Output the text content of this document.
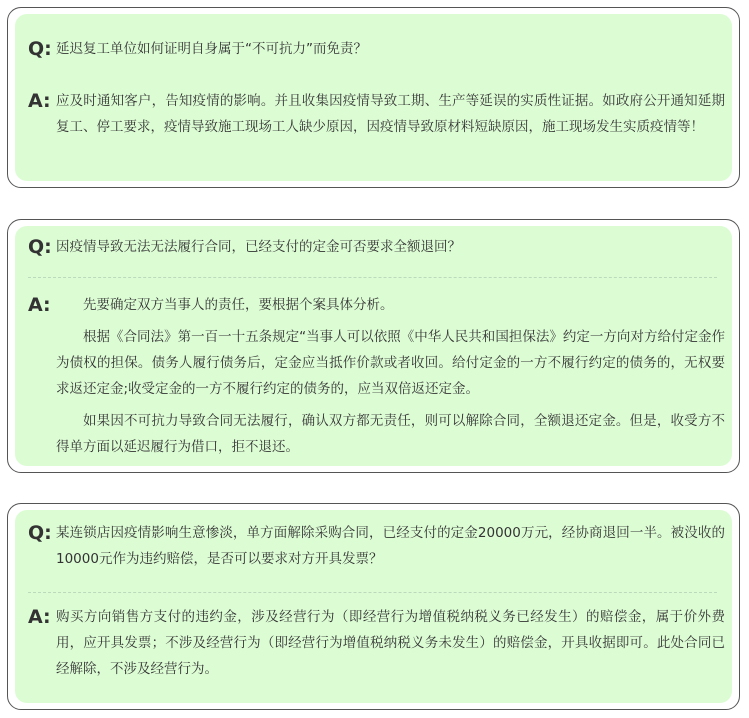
Q: 延迟复工单位如何证明自身属于“不可抗力”而免责？
A: 应及时通知客户，告知疫情的影响。并且收集因疫情导致工期、生产等延误的实质性证据。如政府公开通知延期复工、停工要求，疫情导致施工现场工人缺少原因，因疫情导致原材料短缺原因，施工现场发生实质疫情等！
Q: 因疫情导致无法无法履行合同，已经支付的定金可否要求全额退回？
A:	先要确定双方当事人的责任，要根据个案具体分析。

根据《合同法》第一百一十五条规定“当事人可以依照《中华人民共和国担保法》约定一方向对方给付定金作为债权的担保。债务人履行债务后，定金应当抵作价款或者收回。给付定金的一方不履行约定的债务的，无权要求返还定金;收受定金的一方不履行约定的债务的，应当双倍返还定金。

如果因不可抗力导致合同无法履行，确认双方都无责任，则可以解除合同，全额退还定金。但是，收受方不得单方面以延迟履行为借口，拒不退还。

Q: 某连锁店因疫情影响生意惨淡，单方面解除采购合同，已经支付的定金20000万元，经协商退回一半。被没收的10000元作为违约赔偿，是否可以要求对方开具发票？
A: 购买方向销售方支付的违约金，涉及经营行为（即经营行为增值税纳税义务已经发生）的赔偿金，属于价外费用，应开具发票；不涉及经营行为（即经营行为增值税纳税义务未发生）的赔偿金，开具收据即可。此处合同已经解除，不涉及经营行为。
